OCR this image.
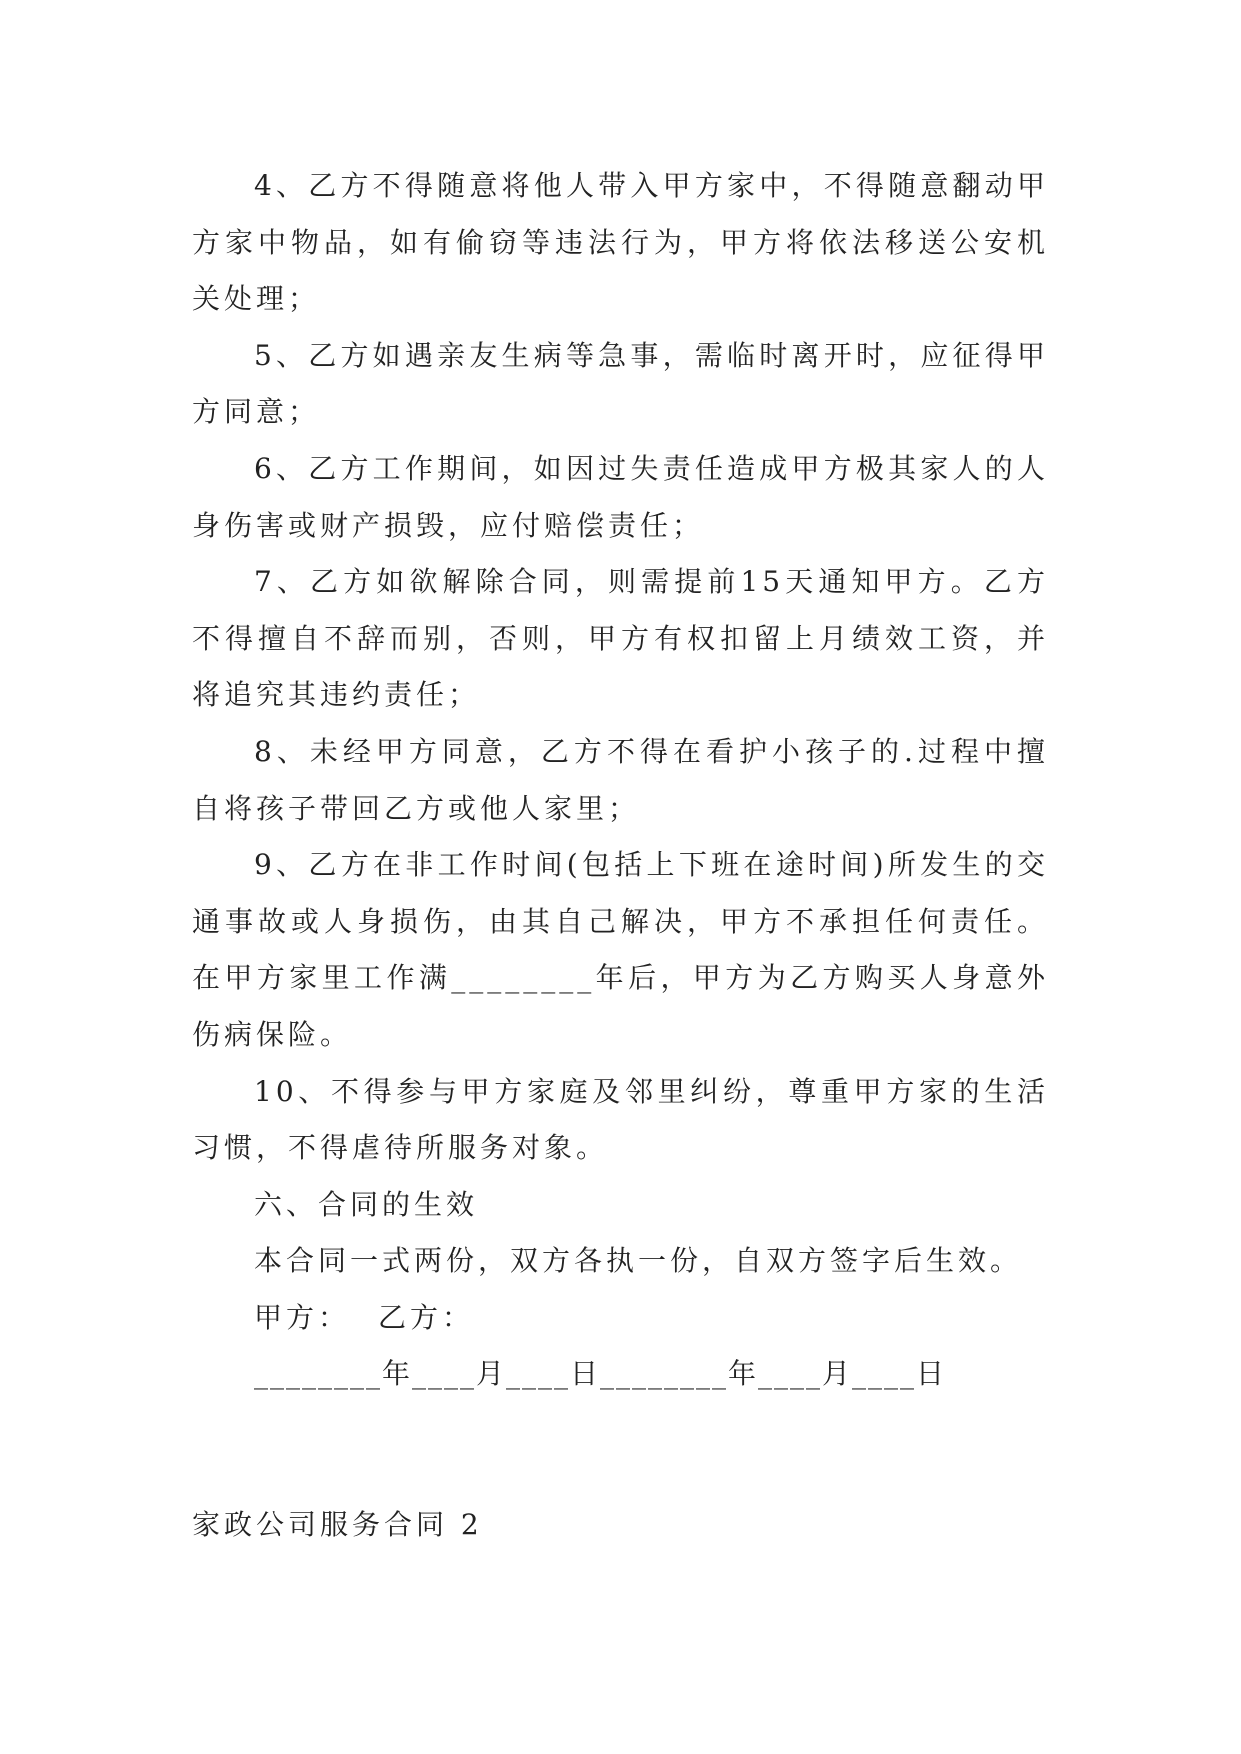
4、乙方不得随意将他人带入甲方家中，不得随意翻动甲方家中物品，如有偷窃等违法行为，甲方将依法移送公安机关处理；

5、乙方如遇亲友生病等急事，需临时离开时，应征得甲方同意；

6、乙方工作期间，如因过失责任造成甲方极其家人的人身伤害或财产损毁，应付赔偿责任；

7、乙方如欲解除合同，则需提前15天通知甲方。乙方不得擅自不辞而别，否则，甲方有权扣留上月绩效工资，并将追究其违约责任；

8、未经甲方同意，乙方不得在看护小孩子的.过程中擅自将孩子带回乙方或他人家里；

9、乙方在非工作时间(包括上下班在途时间)所发生的交通事故或人身损伤，由其自己解决，甲方不承担任何责任。在甲方家里工作满________年后，甲方为乙方购买人身意外伤病保险。

10、不得参与甲方家庭及邻里纠纷，尊重甲方家的生活习惯，不得虐待所服务对象。

六、合同的生效

本合同一式两份，双方各执一份，自双方签字后生效。

甲方： 乙方：

________年____月____日________年____月____日

家政公司服务合同 2
